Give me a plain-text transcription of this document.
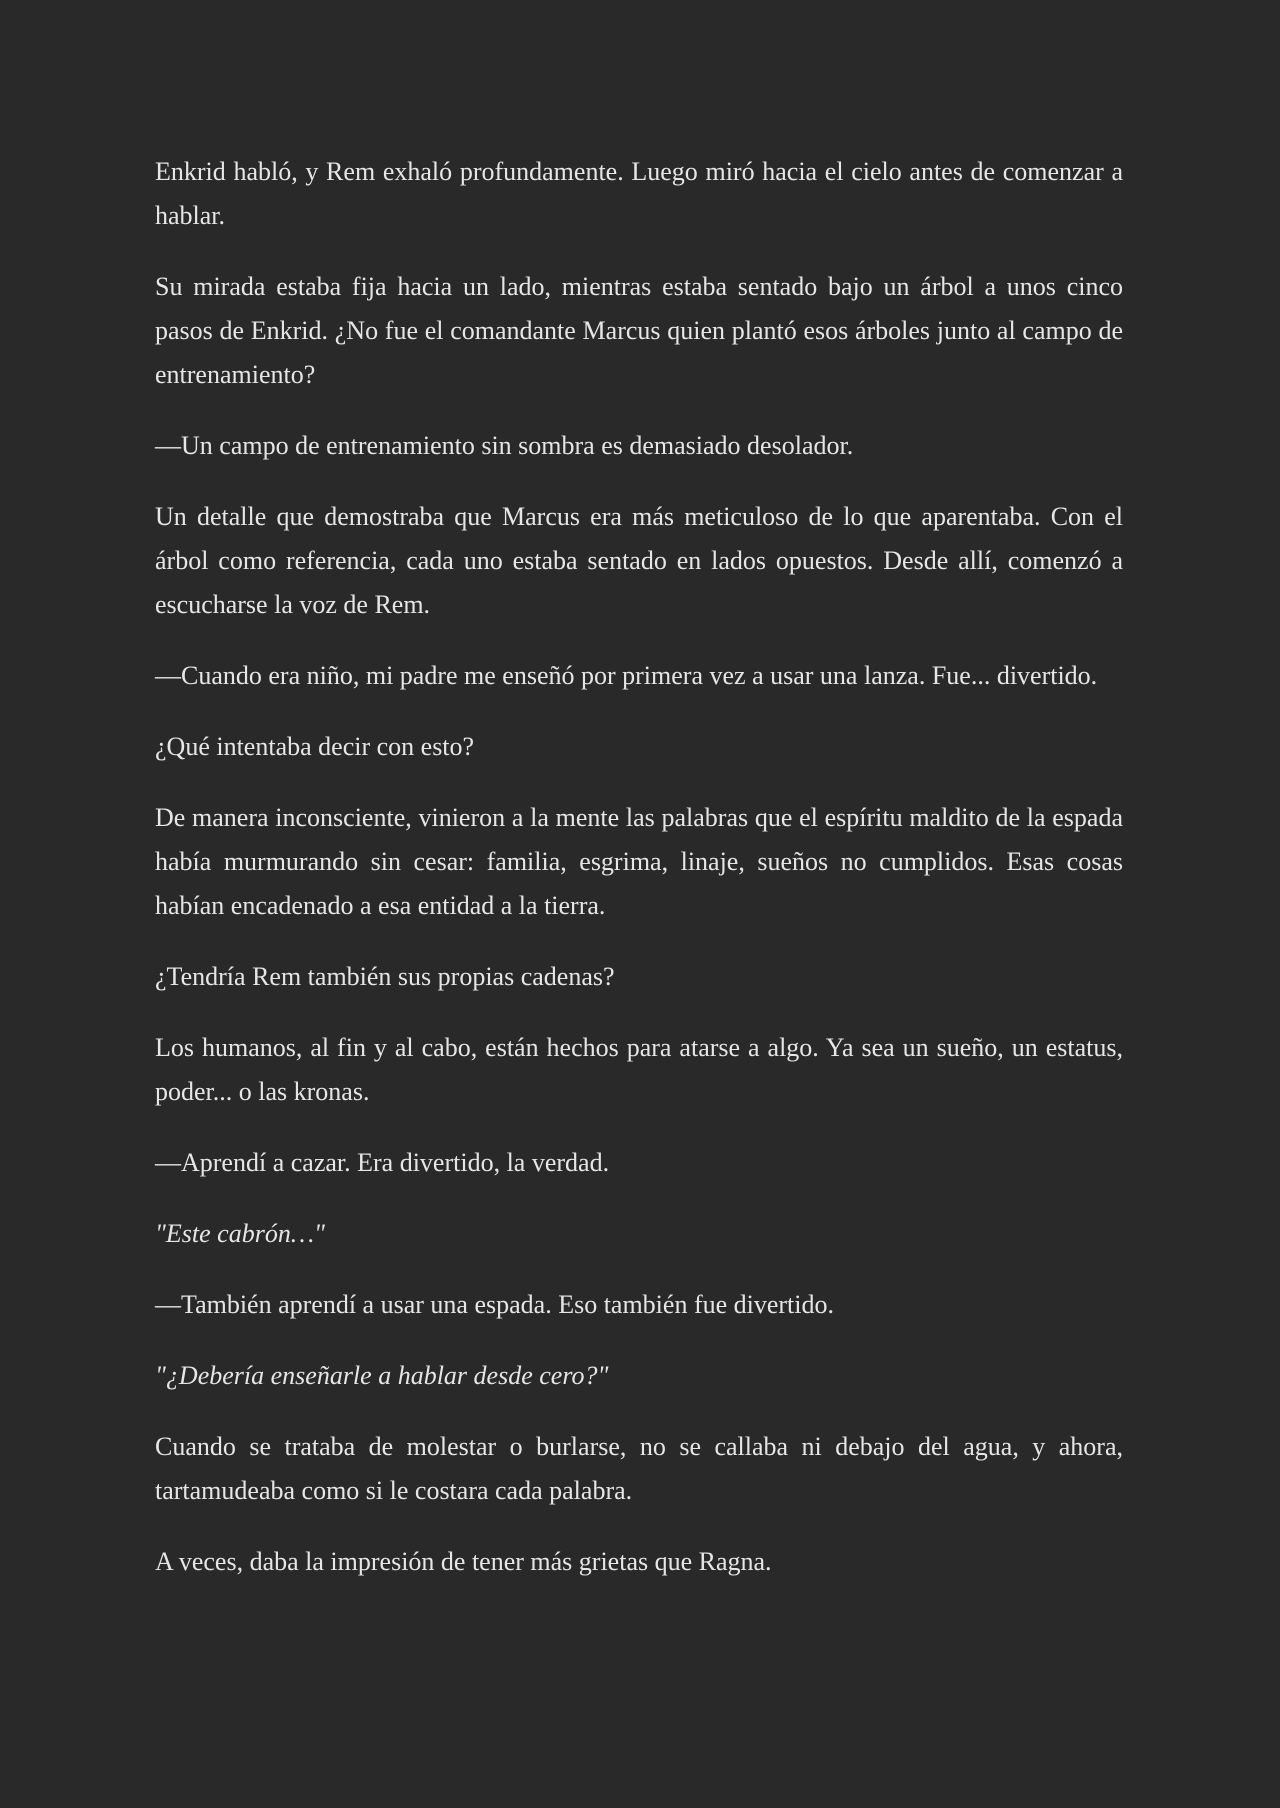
Enkrid habló, y Rem exhaló profundamente. Luego miró hacia el cielo antes de comenzar a hablar.

Su mirada estaba fija hacia un lado, mientras estaba sentado bajo un árbol a unos cinco pasos de Enkrid. ¿No fue el comandante Marcus quien plantó esos árboles junto al campo de entrenamiento?

—Un campo de entrenamiento sin sombra es demasiado desolador.

Un detalle que demostraba que Marcus era más meticuloso de lo que aparentaba. Con el árbol como referencia, cada uno estaba sentado en lados opuestos. Desde allí, comenzó a escucharse la voz de Rem.

—Cuando era niño, mi padre me enseñó por primera vez a usar una lanza. Fue... divertido.

¿Qué intentaba decir con esto?

De manera inconsciente, vinieron a la mente las palabras que el espíritu maldito de la espada había murmurando sin cesar: familia, esgrima, linaje, sueños no cumplidos. Esas cosas habían encadenado a esa entidad a la tierra.

¿Tendría Rem también sus propias cadenas?

Los humanos, al fin y al cabo, están hechos para atarse a algo. Ya sea un sueño, un estatus, poder... o las kronas.

—Aprendí a cazar. Era divertido, la verdad.

"Este cabrón…"

—También aprendí a usar una espada. Eso también fue divertido.

"¿Debería enseñarle a hablar desde cero?"

Cuando se trataba de molestar o burlarse, no se callaba ni debajo del agua, y ahora, tartamudeaba como si le costara cada palabra.

A veces, daba la impresión de tener más grietas que Ragna.
